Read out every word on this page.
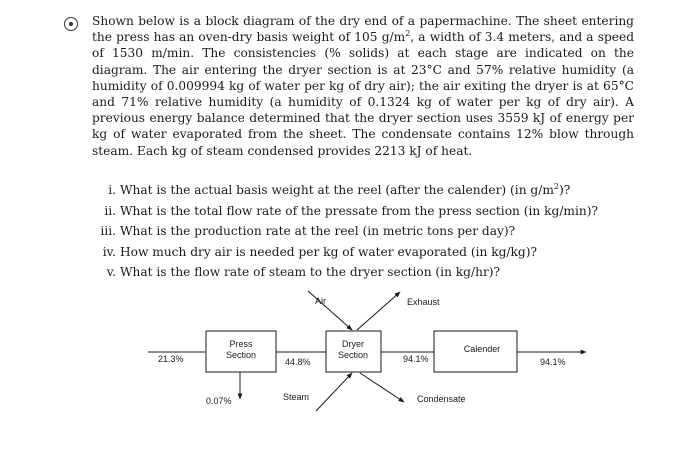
Shown below is a block diagram of the dry end of a papermachine. The sheet entering the press has an oven-dry basis weight of 105 $g/m^2$, a width of 3.4 meters, and a speed of 1530 m/min. The consistencies (% solids) at each stage are indicated on the diagram. The air entering the dryer section is at 23°C and 57% relative humidity (a humidity of 0.009994 kg of water per kg of dry air); the air exiting the dryer is at 65°C and 71% relative humidity (a humidity of 0.1324 kg of water per kg of dry air). A previous energy balance determined that the dryer section uses 3559 kJ of energy per kg of water evaporated from the sheet. The condensate contains 12% blow through steam. Each kg of steam condensed provides 2213 kJ of heat.
i. What is the actual basis weight at the reel (after the calender) (in $g/m^2$)?
ii. What is the total flow rate of the pressate from the press section (in kg/min)?
iii. What is the production rate at the reel (in metric tons per day)?
iv. How much dry air is needed per kg of water evaporated (in kg/kg)?
v. What is the flow rate of steam to the dryer section (in kg/hr)?
Press
Section
Dryer
Section
Calender
Air	Exhaust
Steam	Condensate
21.3%	44.8%
0.07%
94.1%	94.1%
